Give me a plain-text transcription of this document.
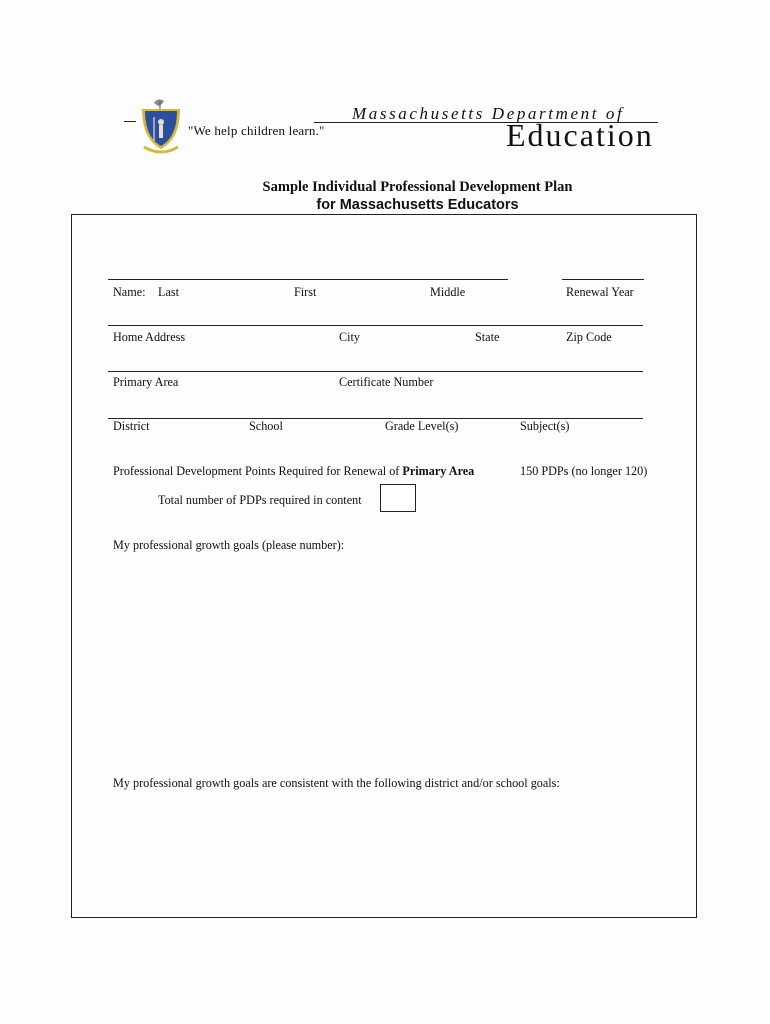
"We help children learn."
Massachusetts Department of
Education
Sample Individual Professional Development Plan
for Massachusetts Educators
Name: Last	First	Middle	Renewal Year
Home Address	City	State	Zip Code
Primary Area	Certificate Number
District	School	Grade Level(s)	Subject(s)
Professional Development Points Required for Renewal of Primary Area	150 PDPs (no longer 120)
Total number of PDPs required in content
My professional growth goals (please number):
My professional growth goals are consistent with the following district and/or school goals:
